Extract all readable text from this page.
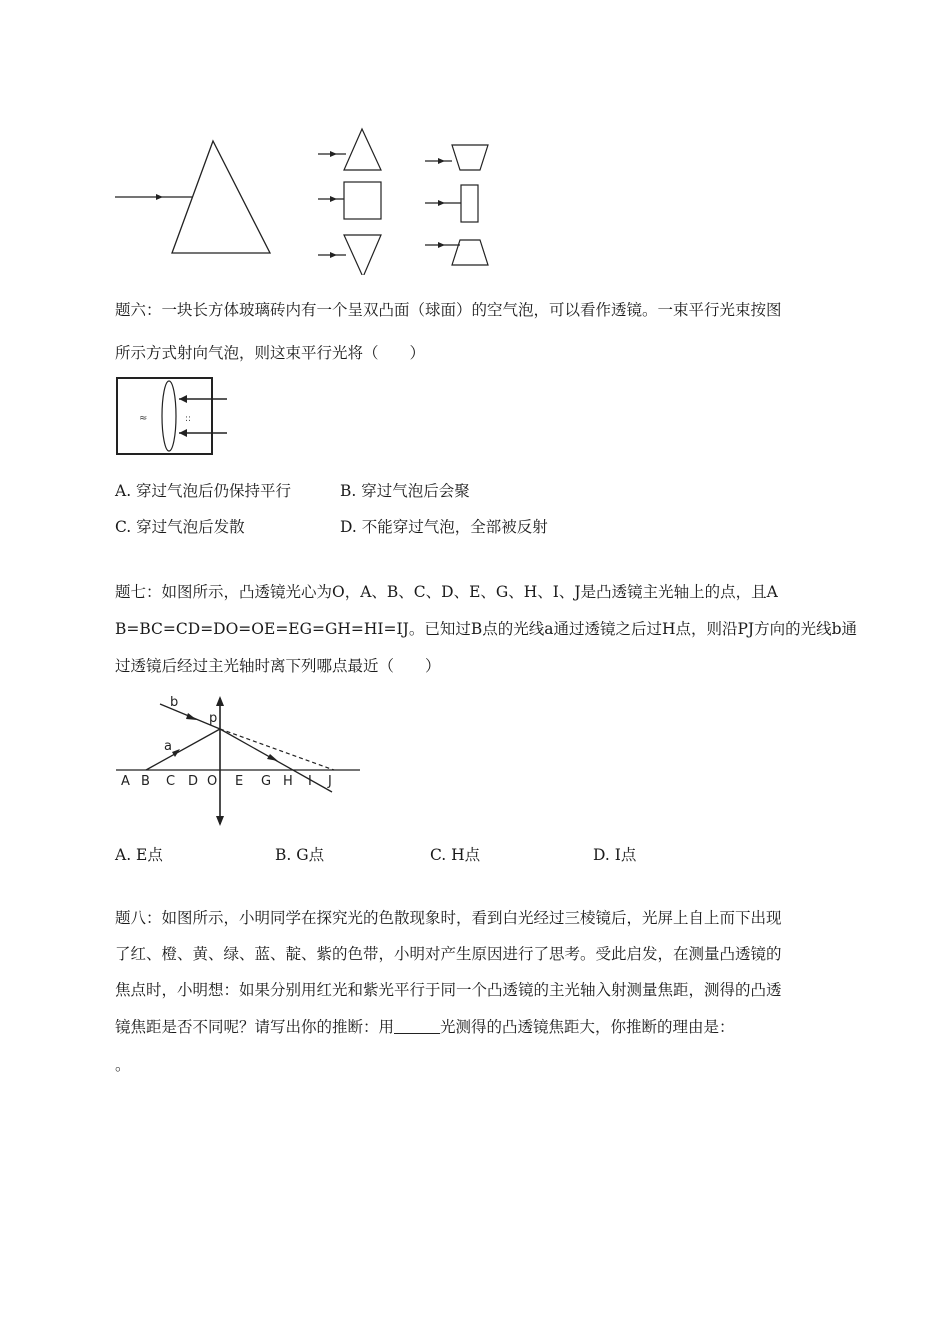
题六：一块长方体玻璃砖内有一个呈双凸面（球面）的空气泡，可以看作透镜。一束平行光束按图
所示方式射向气泡，则这束平行光将（　　）
≈	::
A. 穿过气泡后仍保持平行	B. 穿过气泡后会聚
C. 穿过气泡后发散	D. 不能穿过气泡，全部被反射
题七：如图所示，凸透镜光心为O，A、B、C、D、E、G、H、I、J是凸透镜主光轴上的点，且A
B=BC=CD=DO=OE=EG=GH=HI=IJ。已知过B点的光线a通过透镜之后过H点，则沿PJ方向的光线b通
过透镜后经过主光轴时离下列哪点最近（　　）
b
a
p
A B C D O E G H I J
A. E点	B. G点	C. H点	D. I点
题八：如图所示，小明同学在探究光的色散现象时，看到白光经过三棱镜后，光屏上自上而下出现
了红、橙、黄、绿、蓝、靛、紫的色带，小明对产生原因进行了思考。受此启发，在测量凸透镜的
焦点时，小明想：如果分别用红光和紫光平行于同一个凸透镜的主光轴入射测量焦距，测得的凸透
镜焦距是否不同呢？请写出你的推断：用	光测得的凸透镜焦距大，你推断的理由是：
。
